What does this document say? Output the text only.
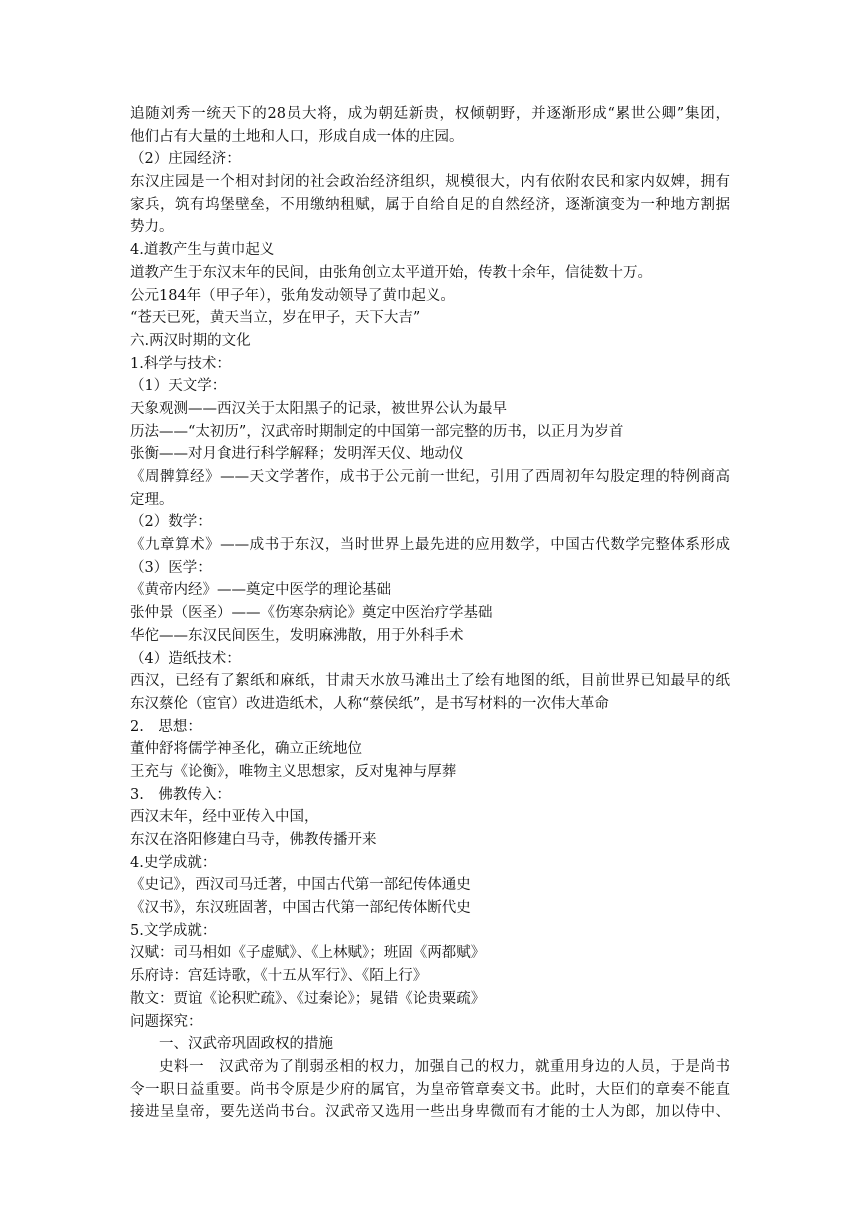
追随刘秀一统天下的28员大将，成为朝廷新贵，权倾朝野，并逐渐形成“累世公卿”集团，
他们占有大量的土地和人口，形成自成一体的庄园。
（2）庄园经济：
东汉庄园是一个相对封闭的社会政治经济组织，规模很大，内有依附农民和家内奴婢，拥有
家兵，筑有坞堡壁垒，不用缴纳租赋，属于自给自足的自然经济，逐渐演变为一种地方割据
势力。
4.道教产生与黄巾起义
道教产生于东汉末年的民间，由张角创立太平道开始，传教十余年，信徒数十万。
公元184年（甲子年），张角发动领导了黄巾起义。
“苍天已死，黄天当立，岁在甲子，天下大吉”
六.两汉时期的文化
1.科学与技术：
（1）天文学：
天象观测——西汉关于太阳黑子的记录，被世界公认为最早
历法——“太初历”，汉武帝时期制定的中国第一部完整的历书，以正月为岁首
张衡——对月食进行科学解释；发明浑天仪、地动仪
《周髀算经》——天文学著作，成书于公元前一世纪，引用了西周初年勾股定理的特例商高
定理。
（2）数学：
《九章算术》——成书于东汉，当时世界上最先进的应用数学，中国古代数学完整体系形成
（3）医学：
《黄帝内经》——奠定中医学的理论基础
张仲景（医圣）——《伤寒杂病论》奠定中医治疗学基础
华佗——东汉民间医生，发明麻沸散，用于外科手术
（4）造纸技术：
西汉，已经有了絮纸和麻纸，甘肃天水放马滩出土了绘有地图的纸，目前世界已知最早的纸
东汉蔡伦（宦官）改进造纸术，人称“蔡侯纸”，是书写材料的一次伟大革命
2.　思想：
董仲舒将儒学神圣化，确立正统地位
王充与《论衡》，唯物主义思想家，反对鬼神与厚葬
3.　佛教传入：
西汉末年，经中亚传入中国，
东汉在洛阳修建白马寺，佛教传播开来
4.史学成就：
《史记》，西汉司马迁著，中国古代第一部纪传体通史
《汉书》，东汉班固著，中国古代第一部纪传体断代史
5.文学成就：
汉赋：司马相如《子虚赋》、《上林赋》；班固《两都赋》
乐府诗：宫廷诗歌，《十五从军行》、《陌上行》
散文：贾谊《论积贮疏》、《过秦论》；晁错《论贵粟疏》
问题探究：
一、汉武帝巩固政权的措施
史料一　汉武帝为了削弱丞相的权力，加强自己的权力，就重用身边的人员，于是尚书
令一职日益重要。尚书令原是少府的属官，为皇帝管章奏文书。此时，大臣们的章奏不能直
接进呈皇帝，要先送尚书台。汉武帝又选用一些出身卑微而有才能的士人为郎，加以侍中、
